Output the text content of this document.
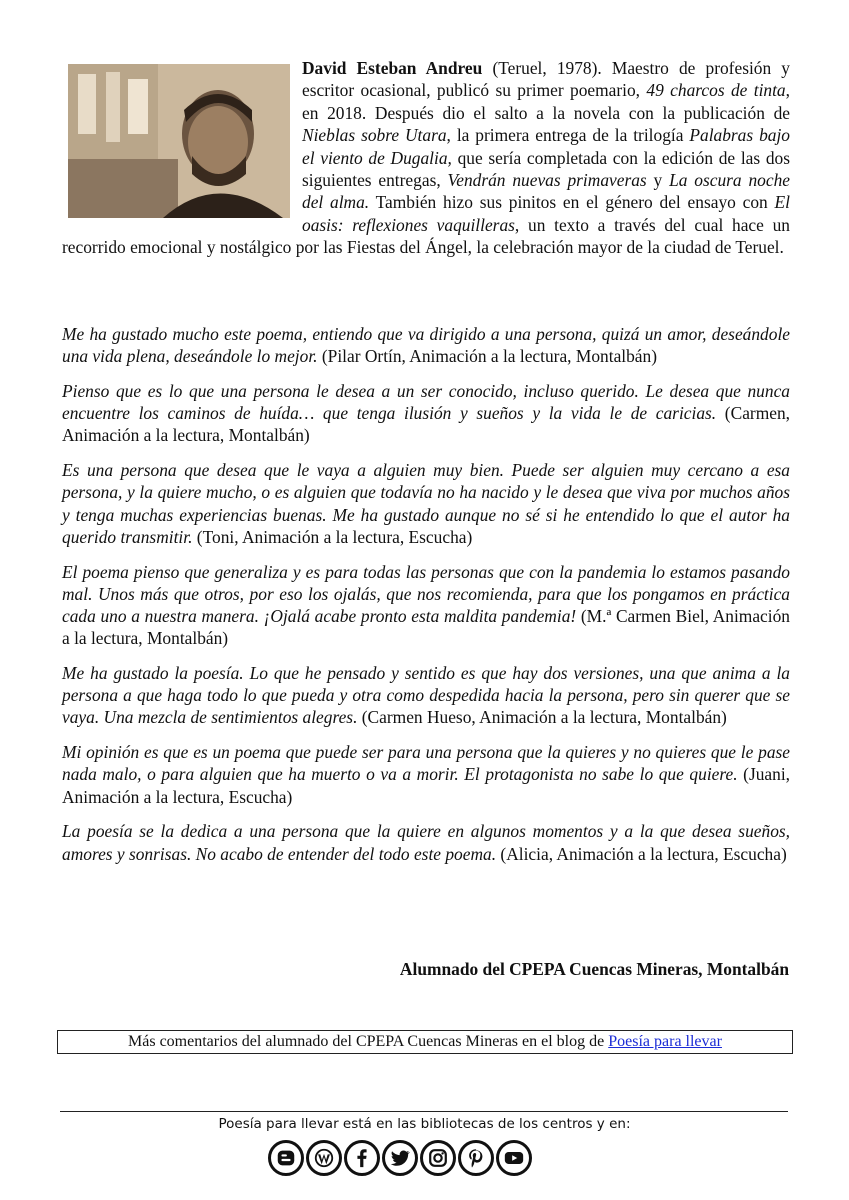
David Esteban Andreu (Teruel, 1978). Maestro de profesión y escritor ocasional, publicó su primer poemario, 49 charcos de tinta, en 2018. Después dio el salto a la novela con la publicación de Nieblas sobre Utara, la primera entrega de la trilogía Palabras bajo el viento de Dugalia, que sería completada con la edición de las dos siguientes entregas, Vendrán nuevas primaveras y La oscura noche del alma. También hizo sus pinitos en el género del ensayo con El oasis: reflexiones vaquilleras, un texto a través del cual hace un recorrido emocional y nostálgico por las Fiestas del Ángel, la celebración mayor de la ciudad de Teruel.

Me ha gustado mucho este poema, entiendo que va dirigido a una persona, quizá un amor, deseándole una vida plena, deseándole lo mejor. (Pilar Ortín, Animación a la lectura, Montalbán)

Pienso que es lo que una persona le desea a un ser conocido, incluso querido. Le desea que nunca encuentre los caminos de huída… que tenga ilusión y sueños y la vida le de caricias. (Carmen, Animación a la lectura, Montalbán)

Es una persona que desea que le vaya a alguien muy bien. Puede ser alguien muy cercano a esa persona, y la quiere mucho, o es alguien que todavía no ha nacido y le desea que viva por muchos años y tenga muchas experiencias buenas. Me ha gustado aunque no sé si he entendido lo que el autor ha querido transmitir. (Toni, Animación a la lectura, Escucha)

El poema pienso que generaliza y es para todas las personas que con la pandemia lo estamos pasando mal. Unos más que otros, por eso los ojalás, que nos recomienda, para que los pongamos en práctica cada uno a nuestra manera. ¡Ojalá acabe pronto esta maldita pandemia! (M.ª Carmen Biel, Animación a la lectura, Montalbán)

Me ha gustado la poesía. Lo que he pensado y sentido es que hay dos versiones, una que anima a la persona a que haga todo lo que pueda y otra como despedida hacia la persona, pero sin querer que se vaya. Una mezcla de sentimientos alegres. (Carmen Hueso, Animación a la lectura, Montalbán)

Mi opinión es que es un poema que puede ser para una persona que la quieres y no quieres que le pase nada malo, o para alguien que ha muerto o va a morir. El protagonista no sabe lo que quiere. (Juani, Animación a la lectura, Escucha)

La poesía se la dedica a una persona que la quiere en algunos momentos y a la que desea sueños, amores y sonrisas. No acabo de entender del todo este poema. (Alicia, Animación a la lectura, Escucha)

Alumnado del CPEPA Cuencas Mineras, Montalbán
Más comentarios del alumnado del CPEPA Cuencas Mineras en el blog de Poesía para llevar
Poesía para llevar está en las bibliotecas de los centros y en:
